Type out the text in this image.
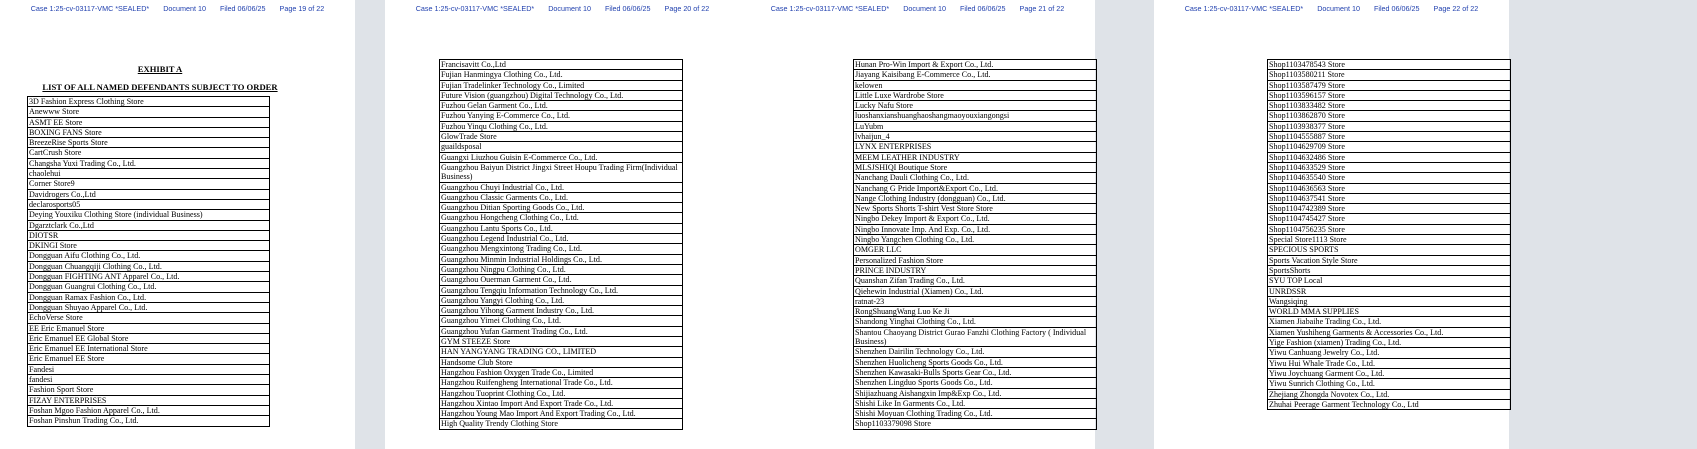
Case 1:25-cv-03117-VMC *SEALED* Document 10 Filed 06/06/25 Page 19 of 22
EXHIBIT A
LIST OF ALL NAMED DEFENDANTS SUBJECT TO ORDER
3D Fashion Express Clothing Store
Anewww Store
ASMT EE Store
BOXING FANS Store
BreezeRise Sports Store
CartCrush Store
Changsha Yuxi Trading Co., Ltd.
chaolehui
Corner Store9
Davidrogers Co.,Ltd
declarosports05
Deying Youxiku Clothing Store (individual Business)
Dgarztclark Co.,Ltd
DIOTSR
DKINGI Store
Dongguan Aifu Clothing Co., Ltd.
Dongguan Chuangqiji Clothing Co., Ltd.
Dongguan FIGHTING ANT Apparel Co., Ltd.
Dongguan Guangrui Clothing Co., Ltd.
Dongguan Ramax Fashion Co., Ltd.
Dongguan Shuyao Apparel Co., Ltd.
EchoVerse Store
EE Eric Emanuel Store
Eric Emanuel EE Global Store
Eric Emanuel EE International Store
Eric Emanuel EE Store
Fandesi
fandesi
Fashion Sport Store
FIZAY ENTERPRISES
Foshan Mgoo Fashion Apparel Co., Ltd.
Foshan Pinshun Trading Co., Ltd.
Case 1:25-cv-03117-VMC *SEALED* Document 10 Filed 06/06/25 Page 20 of 22
Francisavitt Co.,Ltd
Fujian Hanmingya Clothing Co., Ltd.
Fujian Tradelinker Technology Co., Limited
Future Vision (guangzhou) Digital Technology Co., Ltd.
Fuzhou Gelan Garment Co., Ltd.
Fuzhou Yanying E-Commerce Co., Ltd.
Fuzhou Yinqu Clothing Co., Ltd.
GlowTrade Store
guaildsposal
Guangxi Liuzhou Guisin E-Commerce Co., Ltd.
Guangzhou Baiyun District Jingxi Street Houpu Trading Firm(Individual Business)
Guangzhou Chuyi Industrial Co., Ltd.
Guangzhou Classic Garments Co., Ltd.
Guangzhou Ditian Sporting Goods Co., Ltd.
Guangzhou Hongcheng Clothing Co., Ltd.
Guangzhou Lantu Sports Co., Ltd.
Guangzhou Legend Industrial Co., Ltd.
Guangzhou Mengxintong Trading Co., Ltd.
Guangzhou Minmin Industrial Holdings Co., Ltd.
Guangzhou Ningpu Clothing Co., Ltd.
Guangzhou Ouerman Garment Co., Ltd.
Guangzhou Tengqiu Information Technology Co., Ltd.
Guangzhou Yangyi Clothing Co., Ltd.
Guangzhou Yihong Garment Industry Co., Ltd.
Guangzhou Yimei Clothing Co., Ltd.
Guangzhou Yufan Garment Trading Co., Ltd.
GYM STEEZE Store
HAN YANGYANG TRADING CO., LIMITED
Handsome Club Store
Hangzhou Fashion Oxygen Trade Co., Limited
Hangzhou Ruifengheng International Trade Co., Ltd.
Hangzhou Tuoprint Clothing Co., Ltd.
Hangzhou Xintao Import And Export Trade Co., Ltd.
Hangzhou Young Mao Import And Export Trading Co., Ltd.
High Quality Trendy Clothing Store
Case 1:25-cv-03117-VMC *SEALED* Document 10 Filed 06/06/25 Page 21 of 22
Hunan Pro-Win Import & Export Co., Ltd.
Jiayang Kaisibang E-Commerce Co., Ltd.
kelowen
Little Luxe Wardrobe Store
Lucky Nafu Store
luoshanxianshuanghaoshangmaoyouxiangongsi
LuYubm
lvhaijun_4
LYNX ENTERPRISES
MEEM LEATHER INDUSTRY
MLSJSHIQI Boutique Store
Nanchang Dauli Clothing Co., Ltd.
Nanchang G Pride Import&Export Co., Ltd.
Nange Clothing Industry (dongguan) Co., Ltd.
New Sports Shorts T-shirt Vest Store Store
Ningbo Dekey Import & Export Co., Ltd.
Ningbo Innovate Imp. And Exp. Co., Ltd.
Ningbo Yangchen Clothing Co., Ltd.
OMGER LLC
Personalized Fashion Store
PRINCE INDUSTRY
Quanshan Zifan Trading Co., Ltd.
Qiehewin Industrial (Xiamen) Co., Ltd.
ratnat-23
RongShuangWang Luo Ke Ji
Shandong Yinghai Clothing Co., Ltd.
Shantou Chaoyang District Gurao Fanzhi Clothing Factory ( Individual Business)
Shenzhen Dairilin Technology Co., Ltd.
Shenzhen Huolicheng Sports Goods Co., Ltd.
Shenzhen Kawasaki-Bulls Sports Gear Co., Ltd.
Shenzhen Lingduo Sports Goods Co., Ltd.
Shijiazhuang Aishangxin Imp&Exp Co., Ltd.
Shishi Like In Garments Co., Ltd.
Shishi Moyuan Clothing Trading Co., Ltd.
Shop1103379098 Store
Case 1:25-cv-03117-VMC *SEALED* Document 10 Filed 06/06/25 Page 22 of 22
Shop1103478543 Store
Shop1103580211 Store
Shop1103587479 Store
Shop1103596157 Store
Shop1103833482 Store
Shop1103862870 Store
Shop1103938377 Store
Shop1104555887 Store
Shop1104629709 Store
Shop1104632486 Store
Shop1104633529 Store
Shop1104635540 Store
Shop1104636563 Store
Shop1104637541 Store
Shop1104742389 Store
Shop1104745427 Store
Shop1104756235 Store
Special Store1113 Store
SPECIOUS SPORTS
Sports Vacation Style Store
SportsShorts
SYU TOP Local
UNRDSSR
Wangsiqing
WORLD MMA SUPPLIES
Xiamen Jiabaihe Trading Co., Ltd.
Xiamen Yushiheng Garments & Accessories Co., Ltd.
Yige Fashion (xiamen) Trading Co., Ltd.
Yiwu Canhuang Jewelry Co., Ltd.
Yiwu Hui Whale Trade Co., Ltd.
Yiwu Joychuang Garment Co., Ltd.
Yiwu Sunrich Clothing Co., Ltd.
Zhejiang Zhongda Novotex Co., Ltd.
Zhuhai Peerage Garment Technology Co., Ltd
